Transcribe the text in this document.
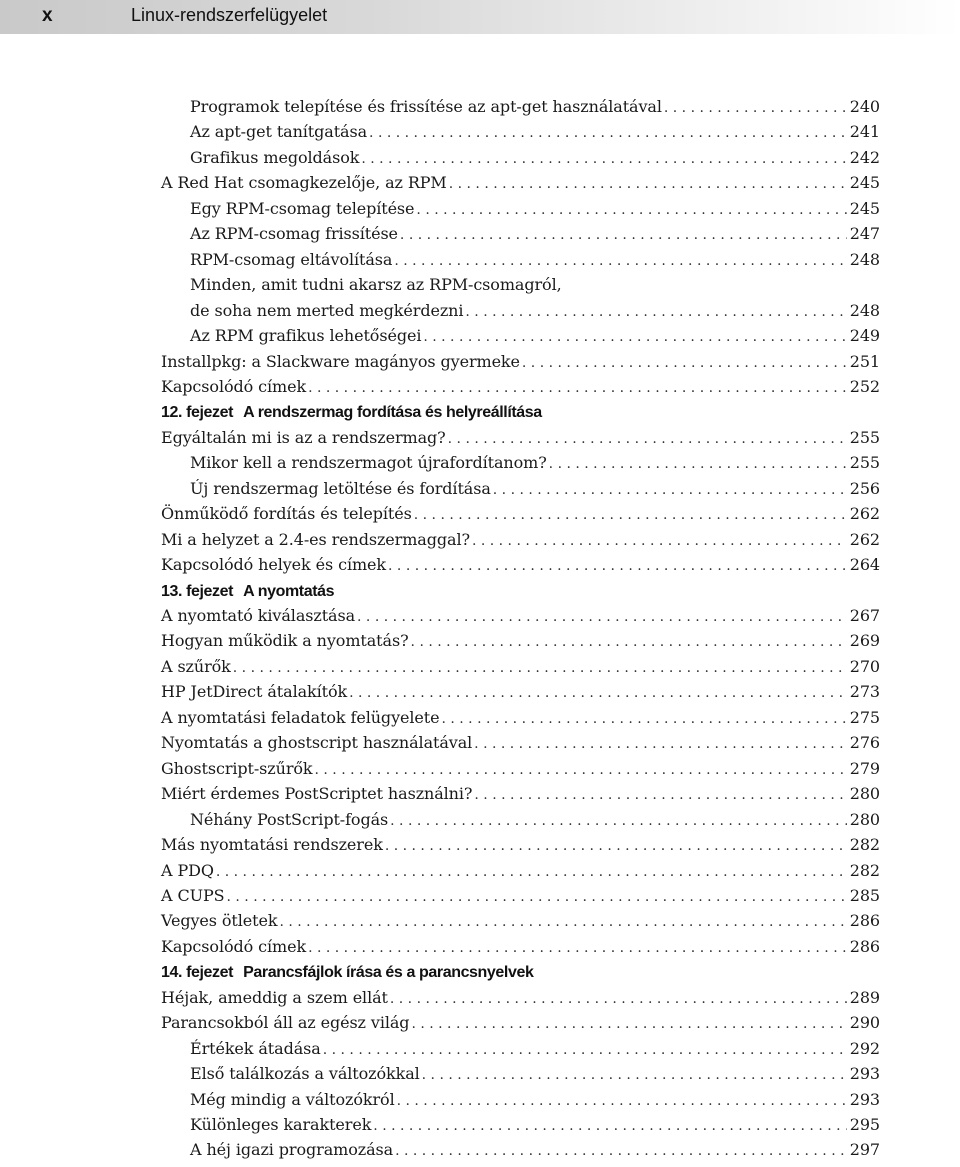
x	Linux-rendszerfelügyelet
Programok telepítése és frissítése az apt-get használatával . . .	240
Az apt-get tanítgatása . . .	241
Grafikus megoldások . . .	242
A Red Hat csomagkezelője, az RPM . . .	245
Egy RPM-csomag telepítése . . .	245
Az RPM-csomag frissítése . . .	247
RPM-csomag eltávolítása . . .	248
Minden, amit tudni akarsz az RPM-csomagról,
de soha nem merted megkérdezni . . .	248
Az RPM grafikus lehetőségei . . .	249
Installpkg: a Slackware magányos gyermeke . . .	251
Kapcsolódó címek . . .	252
12. fejezet A rendszermag fordítása és helyreállítása
Egyáltalán mi is az a rendszermag? . . .	255
Mikor kell a rendszermagot újrafordítanom? . . .	255
Új rendszermag letöltése és fordítása . . .	256
Önműködő fordítás és telepítés . . .	262
Mi a helyzet a 2.4-es rendszermaggal? . . .	262
Kapcsolódó helyek és címek . . .	264
13. fejezet A nyomtatás
A nyomtató kiválasztása . . .	267
Hogyan működik a nyomtatás? . . .	269
A szűrők . . .	270
HP JetDirect átalakítók . . .	273
A nyomtatási feladatok felügyelete . . .	275
Nyomtatás a ghostscript használatával . . .	276
Ghostscript-szűrők . . .	279
Miért érdemes PostScriptet használni? . . .	280
Néhány PostScript-fogás . . .	280
Más nyomtatási rendszerek . . .	282
A PDQ . . .	282
A CUPS . . .	285
Vegyes ötletek . . .	286
Kapcsolódó címek . . .	286
14. fejezet Parancsfájlok írása és a parancsnyelvek
Héjak, ameddig a szem ellát . . .	289
Parancsokból áll az egész világ . . .	290
Értékek átadása . . .	292
Első találkozás a változókkal . . .	293
Még mindig a változókról . . .	293
Különleges karakterek . . .	295
A héj igazi programozása . . .	297
